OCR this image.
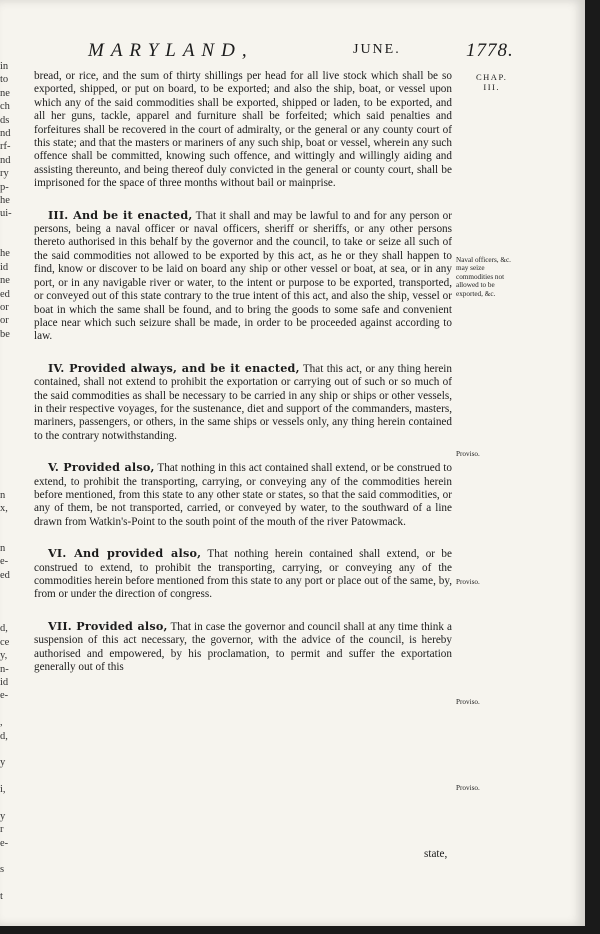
in
to
ne
ch
ds
nd
rf-
nd
ry
p-
he
ui-
he
id
ne
ed
or
or
be
n
x,
n
e-
ed
d,
ce
y,
n-
id
e-
,
d,
y
i,
y
r
e-
s
t
MARYLAND,	JUNE.	1778.
CHAP.
III.

bread, or rice, and the sum of thirty shillings per head for all live stock which shall be so exported, shipped, or put on board, to be exported; and also the ship, boat, or vessel upon which any of the said commodities shall be exported, shipped or laden, to be exported, and all her guns, tackle, apparel and furniture shall be forfeited; which said penalties and forfeitures shall be recovered in the court of admiralty, or the general or any county court of this state; and that the masters or mariners of any such ship, boat or vessel, wherein any such offence shall be committed, knowing such offence, and wittingly and willingly aiding and assisting thereunto, and being thereof duly convicted in the general or county court, shall be imprisoned for the space of three months without bail or mainprise.

III. And be it enacted, That it shall and may be lawful to and for any person or persons, being a naval officer or naval officers, sheriff or sheriffs, or any other persons thereto authorised in this behalf by the governor and the council, to take or seize all such of the said commodities not allowed to be exported by this act, as he or they shall happen to find, know or discover to be laid on board any ship or other vessel or boat, at sea, or in any port, or in any navigable river or water, to the intent or purpose to be exported, transported, or conveyed out of this state contrary to the true intent of this act, and also the ship, vessel or boat in which the same shall be found, and to bring the goods to some safe and convenient place near which such seizure shall be made, in order to be proceeded against according to law.

IV. Provided always, and be it enacted, That this act, or any thing herein contained, shall not extend to prohibit the exportation or carrying out of such or so much of the said commodities as shall be necessary to be carried in any ship or ships or other vessels, in their respective voyages, for the sustenance, diet and support of the commanders, masters, mariners, passengers, or others, in the same ships or vessels only, any thing herein contained to the contrary notwithstanding.

V. Provided also, That nothing in this act contained shall extend, or be construed to extend, to prohibit the transporting, carrying, or conveying any of the commodities herein before mentioned, from this state to any other state or states, so that the said commodities, or any of them, be not transported, carried, or conveyed by water, to the southward of a line drawn from Watkin's-Point to the south point of the mouth of the river Patowmack.

VI. And provided also, That nothing herein contained shall extend, or be construed to extend, to prohibit the transporting, carrying, or conveying any of the commodities herein before mentioned from this state to any port or place out of the same, by, from or under the direction of congress.

VII. Provided also, That in case the governor and council shall at any time think a suspension of this act necessary, the governor, with the advice of the council, is hereby authorised and empowered, by his proclamation, to permit and suffer the exportation generally out of this

Naval officers, &c. may seize commodities not allowed to be exported, &c.
Proviso.
Proviso.
Proviso.
Proviso.
state,
